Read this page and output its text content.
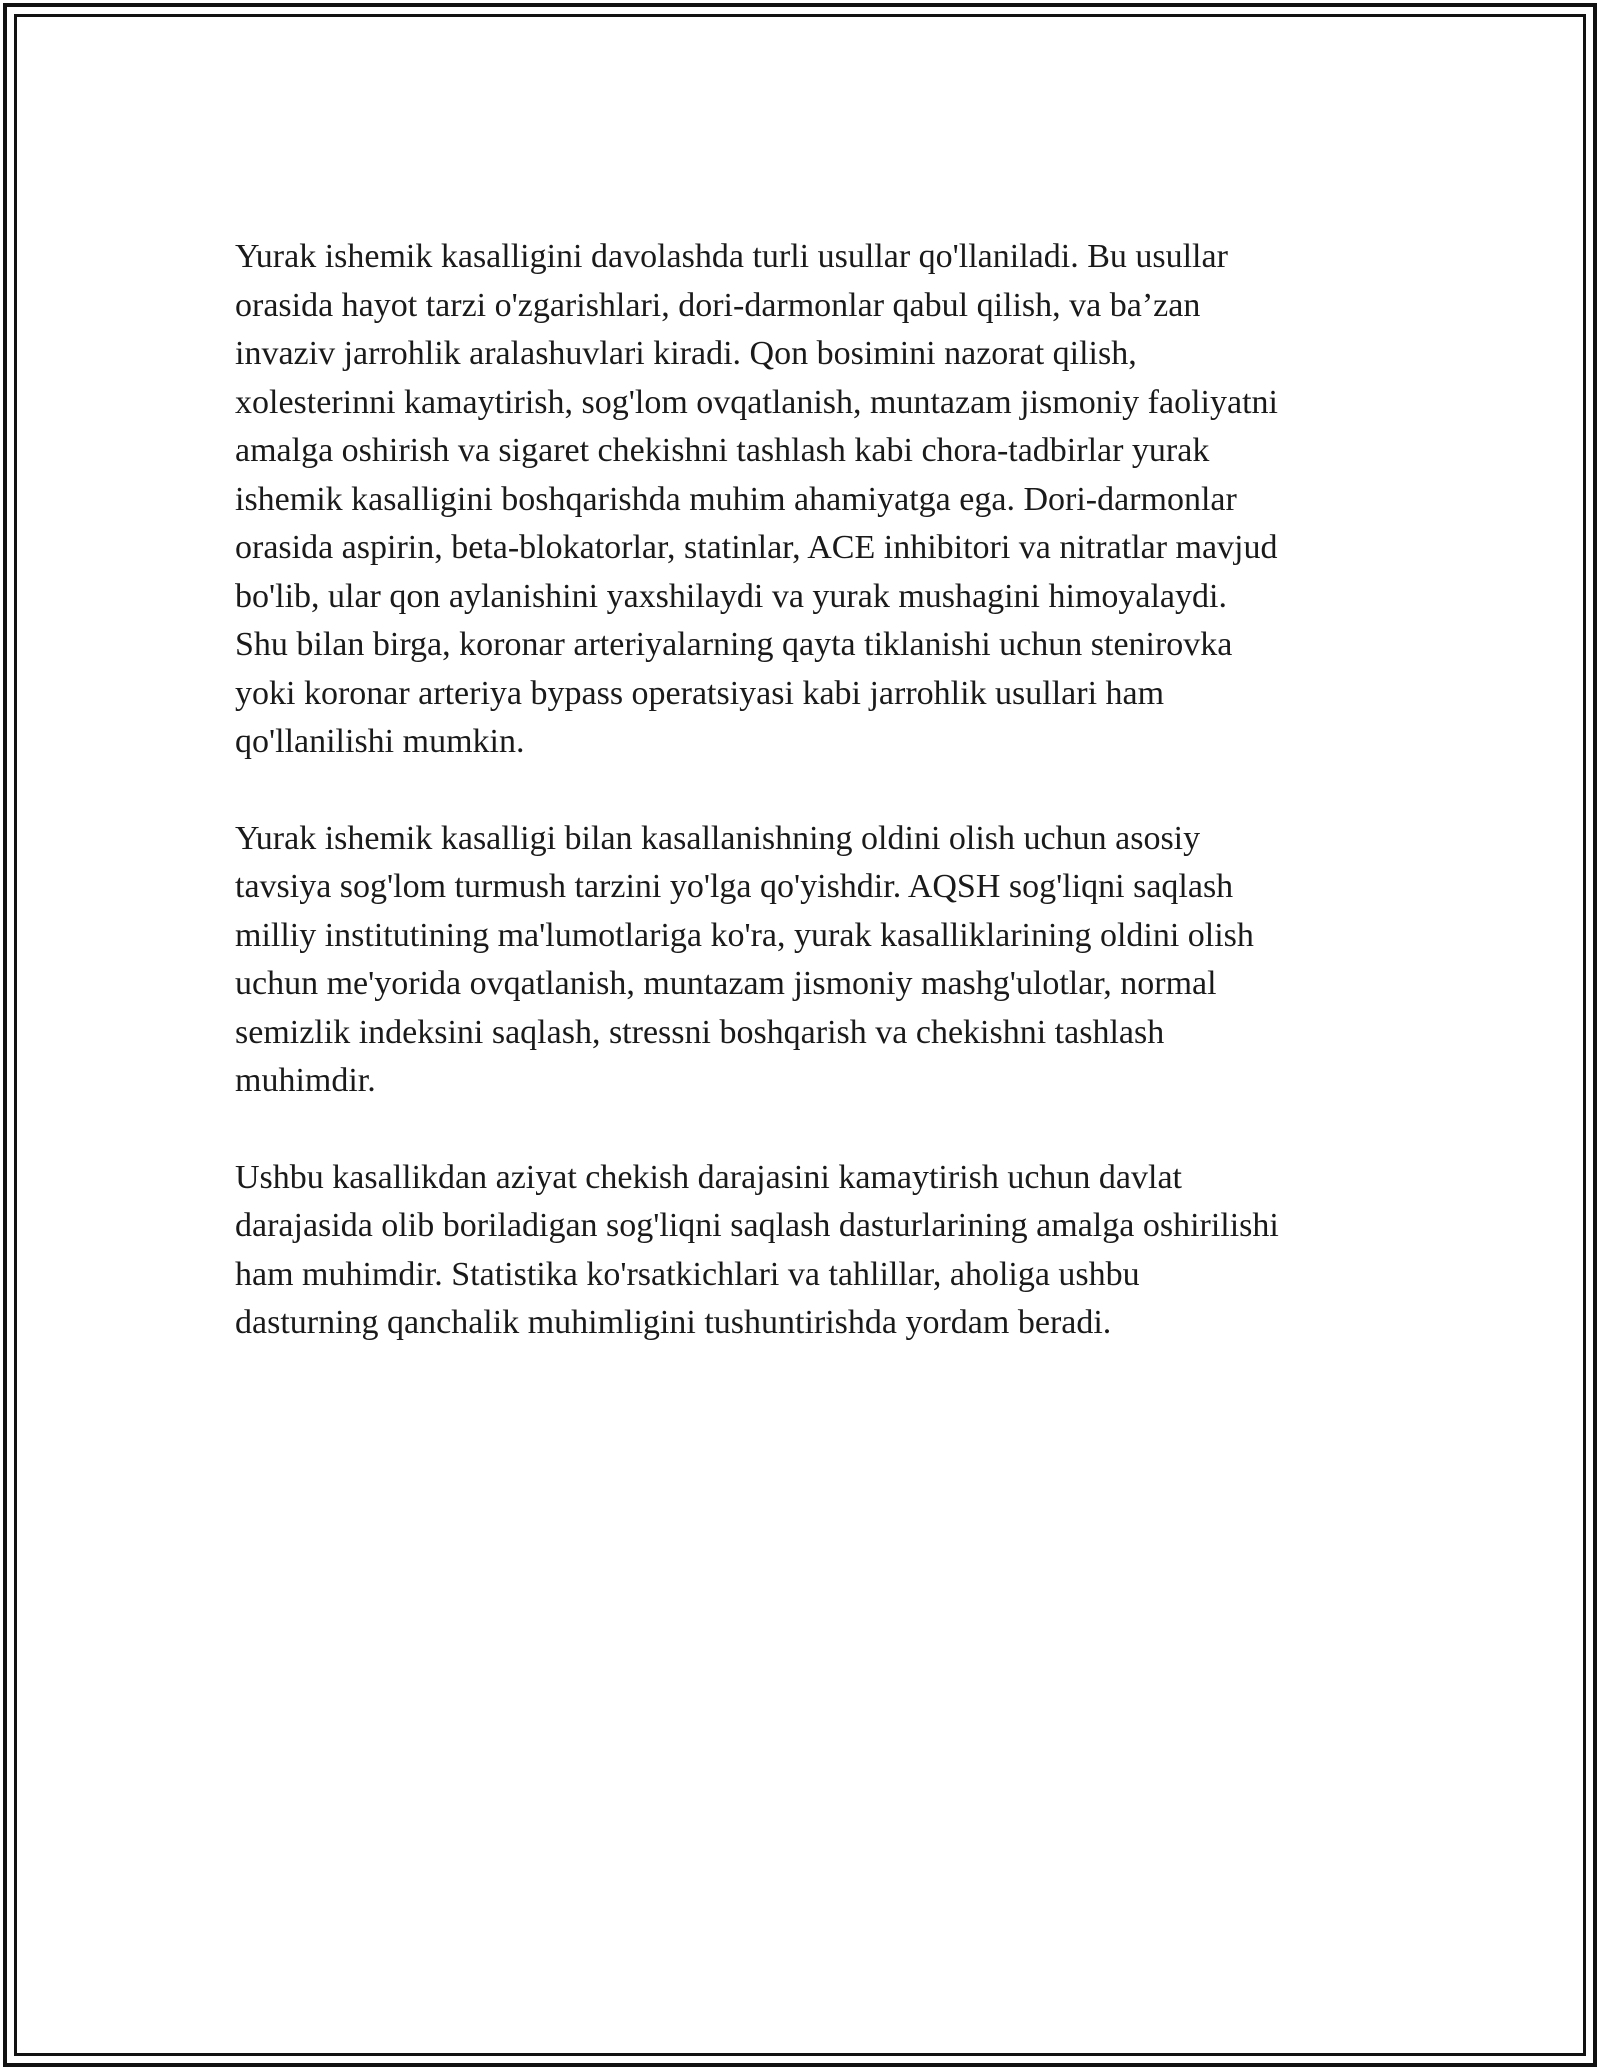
Yurak ishemik kasalligini davolashda turli usullar qo'llaniladi. Bu usullar
orasida hayot tarzi o'zgarishlari, dori-darmonlar qabul qilish, va ba’zan
invaziv jarrohlik aralashuvlari kiradi. Qon bosimini nazorat qilish,
xolesterinni kamaytirish, sog'lom ovqatlanish, muntazam jismoniy faoliyatni
amalga oshirish va sigaret chekishni tashlash kabi chora-tadbirlar yurak
ishemik kasalligini boshqarishda muhim ahamiyatga ega. Dori-darmonlar
orasida aspirin, beta-blokatorlar, statinlar, ACE inhibitori va nitratlar mavjud
bo'lib, ular qon aylanishini yaxshilaydi va yurak mushagini himoyalaydi.
Shu bilan birga, koronar arteriyalarning qayta tiklanishi uchun stenirovka
yoki koronar arteriya bypass operatsiyasi kabi jarrohlik usullari ham
qo'llanilishi mumkin.

Yurak ishemik kasalligi bilan kasallanishning oldini olish uchun asosiy
tavsiya sog'lom turmush tarzini yo'lga qo'yishdir. AQSH sog'liqni saqlash
milliy institutining ma'lumotlariga ko'ra, yurak kasalliklarining oldini olish
uchun me'yorida ovqatlanish, muntazam jismoniy mashg'ulotlar, normal
semizlik indeksini saqlash, stressni boshqarish va chekishni tashlash
muhimdir.

Ushbu kasallikdan aziyat chekish darajasini kamaytirish uchun davlat
darajasida olib boriladigan sog'liqni saqlash dasturlarining amalga oshirilishi
ham muhimdir. Statistika ko'rsatkichlari va tahlillar, aholiga ushbu
dasturning qanchalik muhimligini tushuntirishda yordam beradi.
